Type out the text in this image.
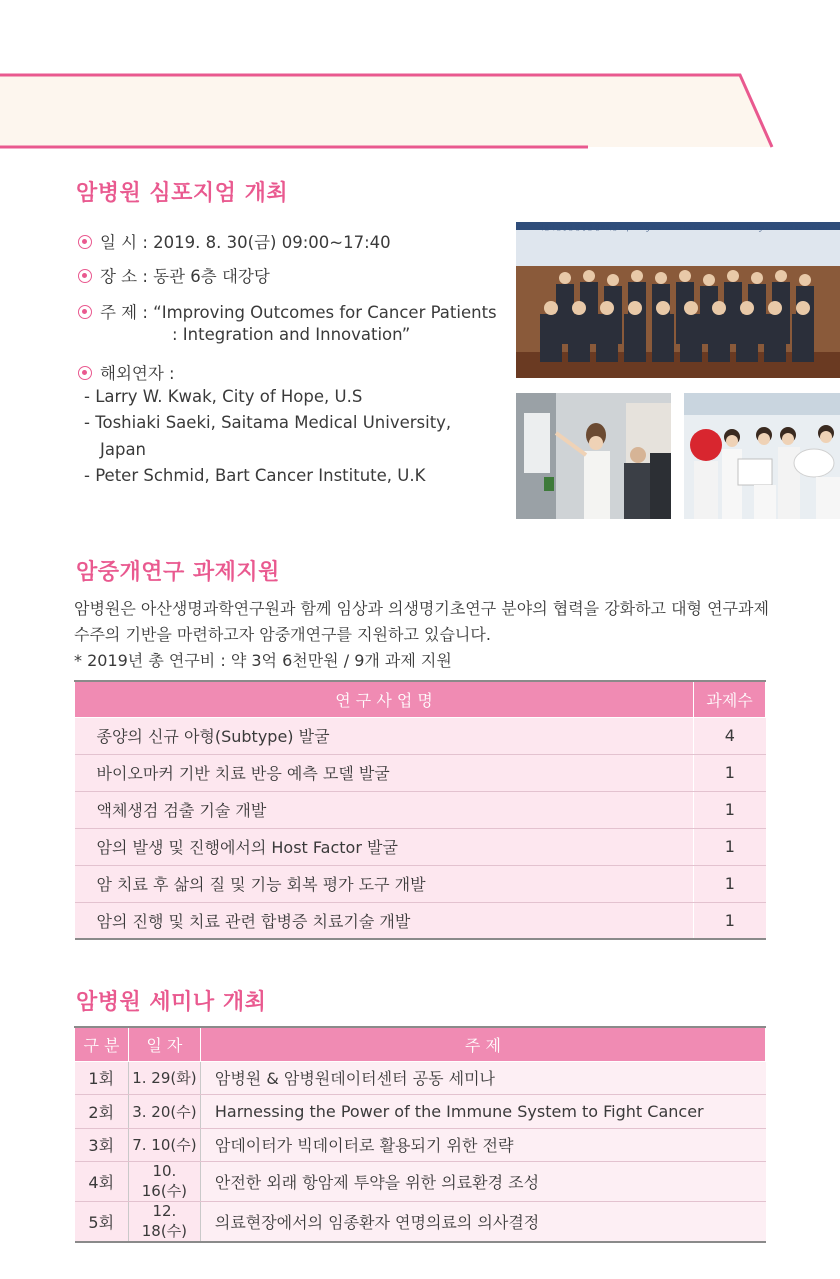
암병원 심포지엄 개최
일 시 : 2019. 8. 30(금) 09:00~17:40
장 소 : 동관 6층 대강당
주 제 : “Improving Outcomes for Cancer Patients
: Integration and Innovation”
해외연자 :
- Larry W. Kwak, City of Hope, U.S
- Toshiaki Saeki, Saitama Medical University,
Japan
- Peter Schmid, Bart Cancer Institute, U.K
서울아산병원 암병원 심포지엄 Improving Outcomes for Cancer Patients : Integration and Innovation
암중개연구 과제지원
암병원은 아산생명과학연구원과 함께 임상과 의생명기초연구 분야의 협력을 강화하고 대형 연구과제
수주의 기반을 마련하고자 암중개연구를 지원하고 있습니다.
* 2019년 총 연구비 : 약 3억 6천만원 / 9개 과제 지원
연 구 사 업 명	과제수
종양의 신규 아형(Subtype) 발굴	4
바이오마커 기반 치료 반응 예측 모델 발굴	1
액체생검 검출 기술 개발	1
암의 발생 및 진행에서의 Host Factor 발굴	1
암 치료 후 삶의 질 및 기능 회복 평가 도구 개발	1
암의 진행 및 치료 관련 합병증 치료기술 개발	1
암병원 세미나 개최
구 분	일 자	주 제
1회	1. 29(화)	암병원 & 암병원데이터센터 공동 세미나
2회	3. 20(수)	Harnessing the Power of the Immune System to Fight Cancer
3회	7. 10(수)	암데이터가 빅데이터로 활용되기 위한 전략
4회	10. 16(수)	안전한 외래 항암제 투약을 위한 의료환경 조성
5회	12. 18(수)	의료현장에서의 임종환자 연명의료의 의사결정
